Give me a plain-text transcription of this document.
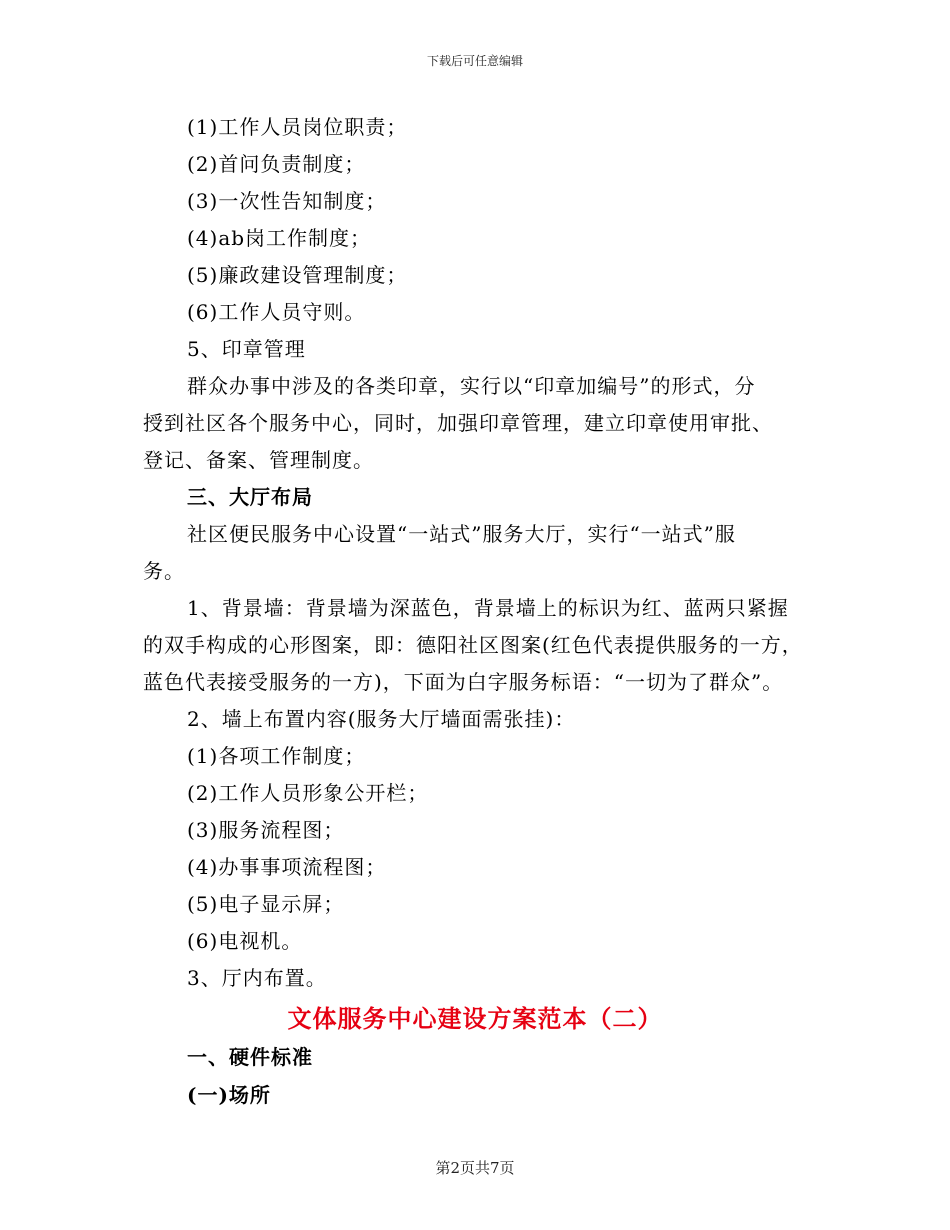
下载后可任意编辑
(1)工作人员岗位职责；
(2)首问负责制度；
(3)一次性告知制度；
(4)ab岗工作制度；
(5)廉政建设管理制度；
(6)工作人员守则。
5、印章管理
群众办事中涉及的各类印章，实行以“印章加编号”的形式，分
授到社区各个服务中心，同时，加强印章管理，建立印章使用审批、
登记、备案、管理制度。
三、大厅布局
社区便民服务中心设置“一站式”服务大厅，实行“一站式”服
务。
1、背景墙：背景墙为深蓝色，背景墙上的标识为红、蓝两只紧握
的双手构成的心形图案，即：德阳社区图案(红色代表提供服务的一方，
蓝色代表接受服务的一方)，下面为白字服务标语：“一切为了群众”。
2、墙上布置内容(服务大厅墙面需张挂)：
(1)各项工作制度；
(2)工作人员形象公开栏；
(3)服务流程图；
(4)办事事项流程图；
(5)电子显示屏；
(6)电视机。
3、厅内布置。
文体服务中心建设方案范本（二）
一、硬件标准
(一)场所
第2页共7页
